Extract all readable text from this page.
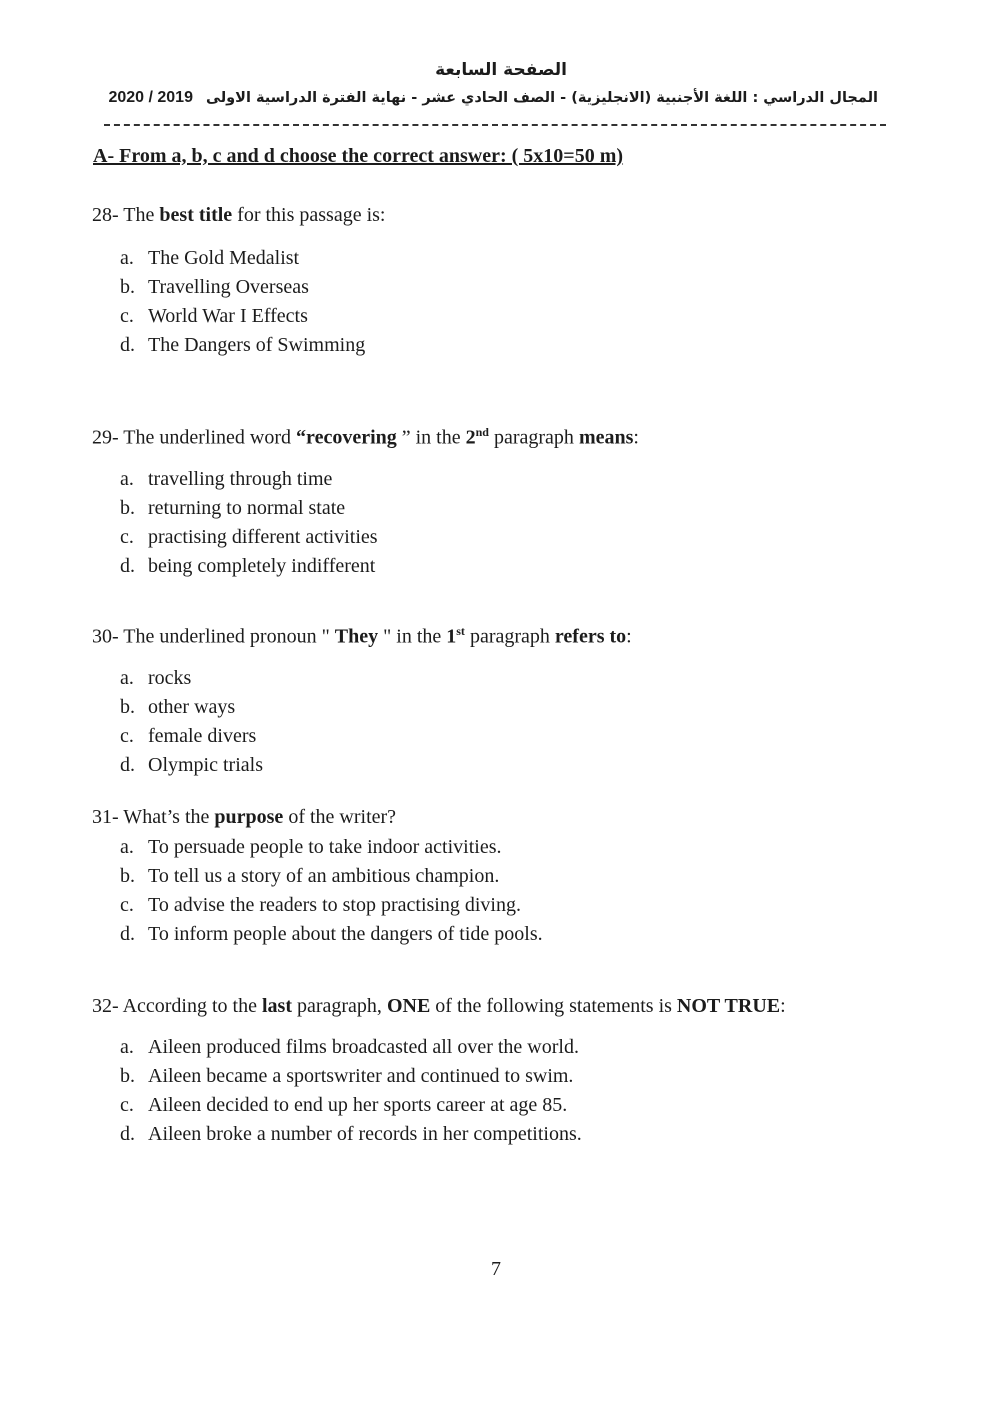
الصفحة السابعة
المجال الدراسي : اللغة الأجنبية (الانجليزية) - الصف الحادي عشر - نهاية الفترة الدراسية الاولى 2020 / 2019
A- From a, b, c and d choose the correct answer: ( 5x10=50 m)

28- The best title for this passage is:

a. The Gold Medalist
b. Travelling Overseas
c. World War I Effects
d. The Dangers of Swimming

29- The underlined word “recovering ” in the 2nd paragraph means:

a. travelling through time
b. returning to normal state
c. practising different activities
d. being completely indifferent

30- The underlined pronoun " They " in the 1st paragraph refers to:

a. rocks
b. other ways
c. female divers
d. Olympic trials

31- What’s the purpose of the writer?

a. To persuade people to take indoor activities.
b. To tell us a story of an ambitious champion.
c. To advise the readers to stop practising diving.
d. To inform people about the dangers of tide pools.

32- According to the last paragraph, ONE of the following statements is NOT TRUE:

a. Aileen produced films broadcasted all over the world.
b. Aileen became a sportswriter and continued to swim.
c. Aileen decided to end up her sports career at age 85.
d. Aileen broke a number of records in her competitions.
7
